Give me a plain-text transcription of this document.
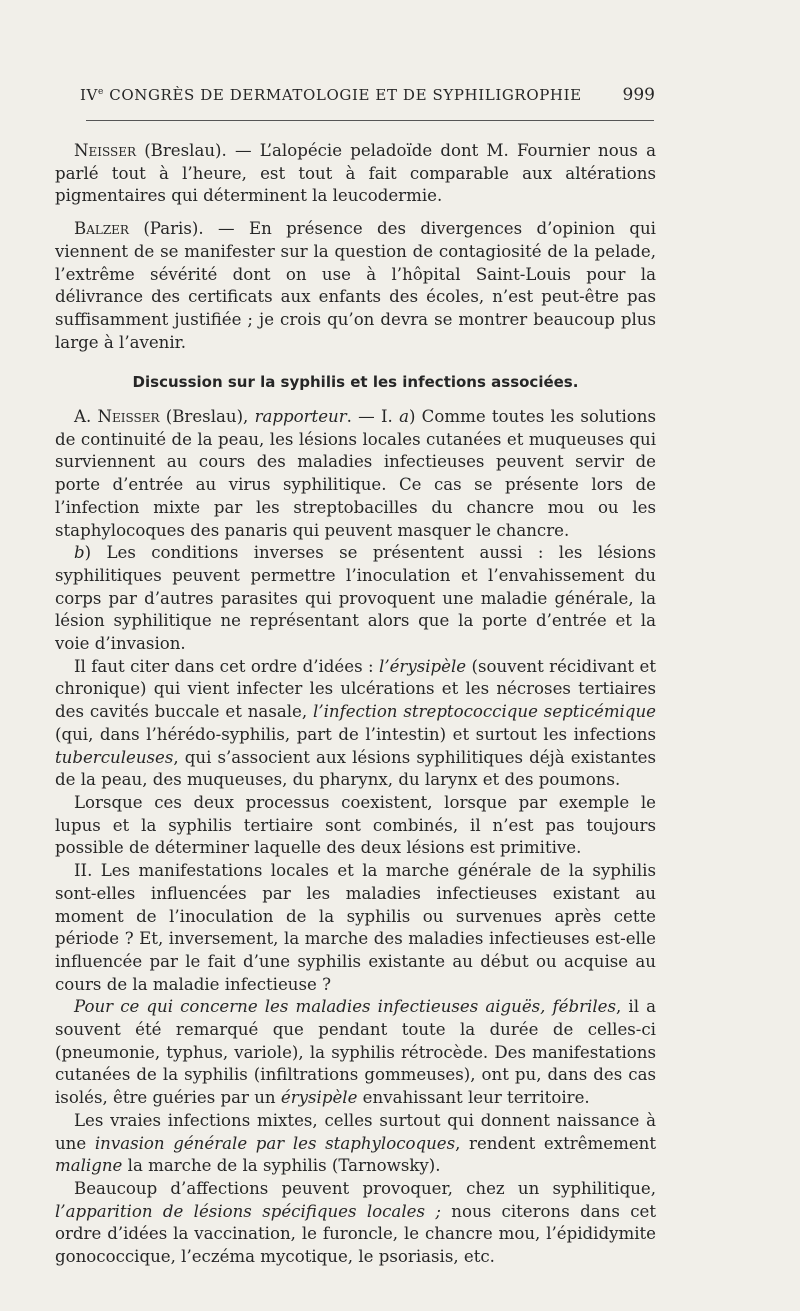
IVe CONGRÈS DE DERMATOLOGIE ET DE SYPHILIGROPHIE 999

Neisser (Breslau). — L’alopécie peladoïde dont M. Fournier nous a parlé tout à l’heure, est tout à fait comparable aux altérations pigmentaires qui déterminent la leucodermie.

Balzer (Paris). — En présence des divergences d’opinion qui viennent de se manifester sur la question de contagiosité de la pelade, l’extrême sévérité dont on use à l’hôpital Saint-Louis pour la délivrance des certificats aux enfants des écoles, n’est peut-être pas suffisamment justifiée ; je crois qu’on devra se montrer beaucoup plus large à l’avenir.

Discussion sur la syphilis et les infections associées.

A. Neisser (Breslau), rapporteur. — I. a) Comme toutes les solutions de continuité de la peau, les lésions locales cutanées et muqueuses qui surviennent au cours des maladies infectieuses peuvent servir de porte d’entrée au virus syphilitique. Ce cas se présente lors de l’infection mixte par les streptobacilles du chancre mou ou les staphylocoques des panaris qui peuvent masquer le chancre.

b) Les conditions inverses se présentent aussi : les lésions syphilitiques peuvent permettre l’inoculation et l’envahissement du corps par d’autres parasites qui provoquent une maladie générale, la lésion syphilitique ne représentant alors que la porte d’entrée et la voie d’invasion.

Il faut citer dans cet ordre d’idées : l’érysipèle (souvent récidivant et chronique) qui vient infecter les ulcérations et les nécroses tertiaires des cavités buccale et nasale, l’infection streptococcique septicémique (qui, dans l’hérédo-syphilis, part de l’intestin) et surtout les infections tuberculeuses, qui s’associent aux lésions syphilitiques déjà existantes de la peau, des muqueuses, du pharynx, du larynx et des poumons.

Lorsque ces deux processus coexistent, lorsque par exemple le lupus et la syphilis tertiaire sont combinés, il n’est pas toujours possible de déterminer laquelle des deux lésions est primitive.

II. Les manifestations locales et la marche générale de la syphilis sont-elles influencées par les maladies infectieuses existant au moment de l’inoculation de la syphilis ou survenues après cette période ? Et, inversement, la marche des maladies infectieuses est-elle influencée par le fait d’une syphilis existante au début ou acquise au cours de la maladie infectieuse ?

Pour ce qui concerne les maladies infectieuses aiguës, fébriles, il a souvent été remarqué que pendant toute la durée de celles-ci (pneumonie, typhus, variole), la syphilis rétrocède. Des manifestations cutanées de la syphilis (infiltrations gommeuses), ont pu, dans des cas isolés, être guéries par un érysipèle envahissant leur territoire.

Les vraies infections mixtes, celles surtout qui donnent naissance à une invasion générale par les staphylocoques, rendent extrêmement maligne la marche de la syphilis (Tarnowsky).

Beaucoup d’affections peuvent provoquer, chez un syphilitique, l’apparition de lésions spécifiques locales ; nous citerons dans cet ordre d’idées la vaccination, le furoncle, le chancre mou, l’épididymite gonococcique, l’eczéma mycotique, le psoriasis, etc.
